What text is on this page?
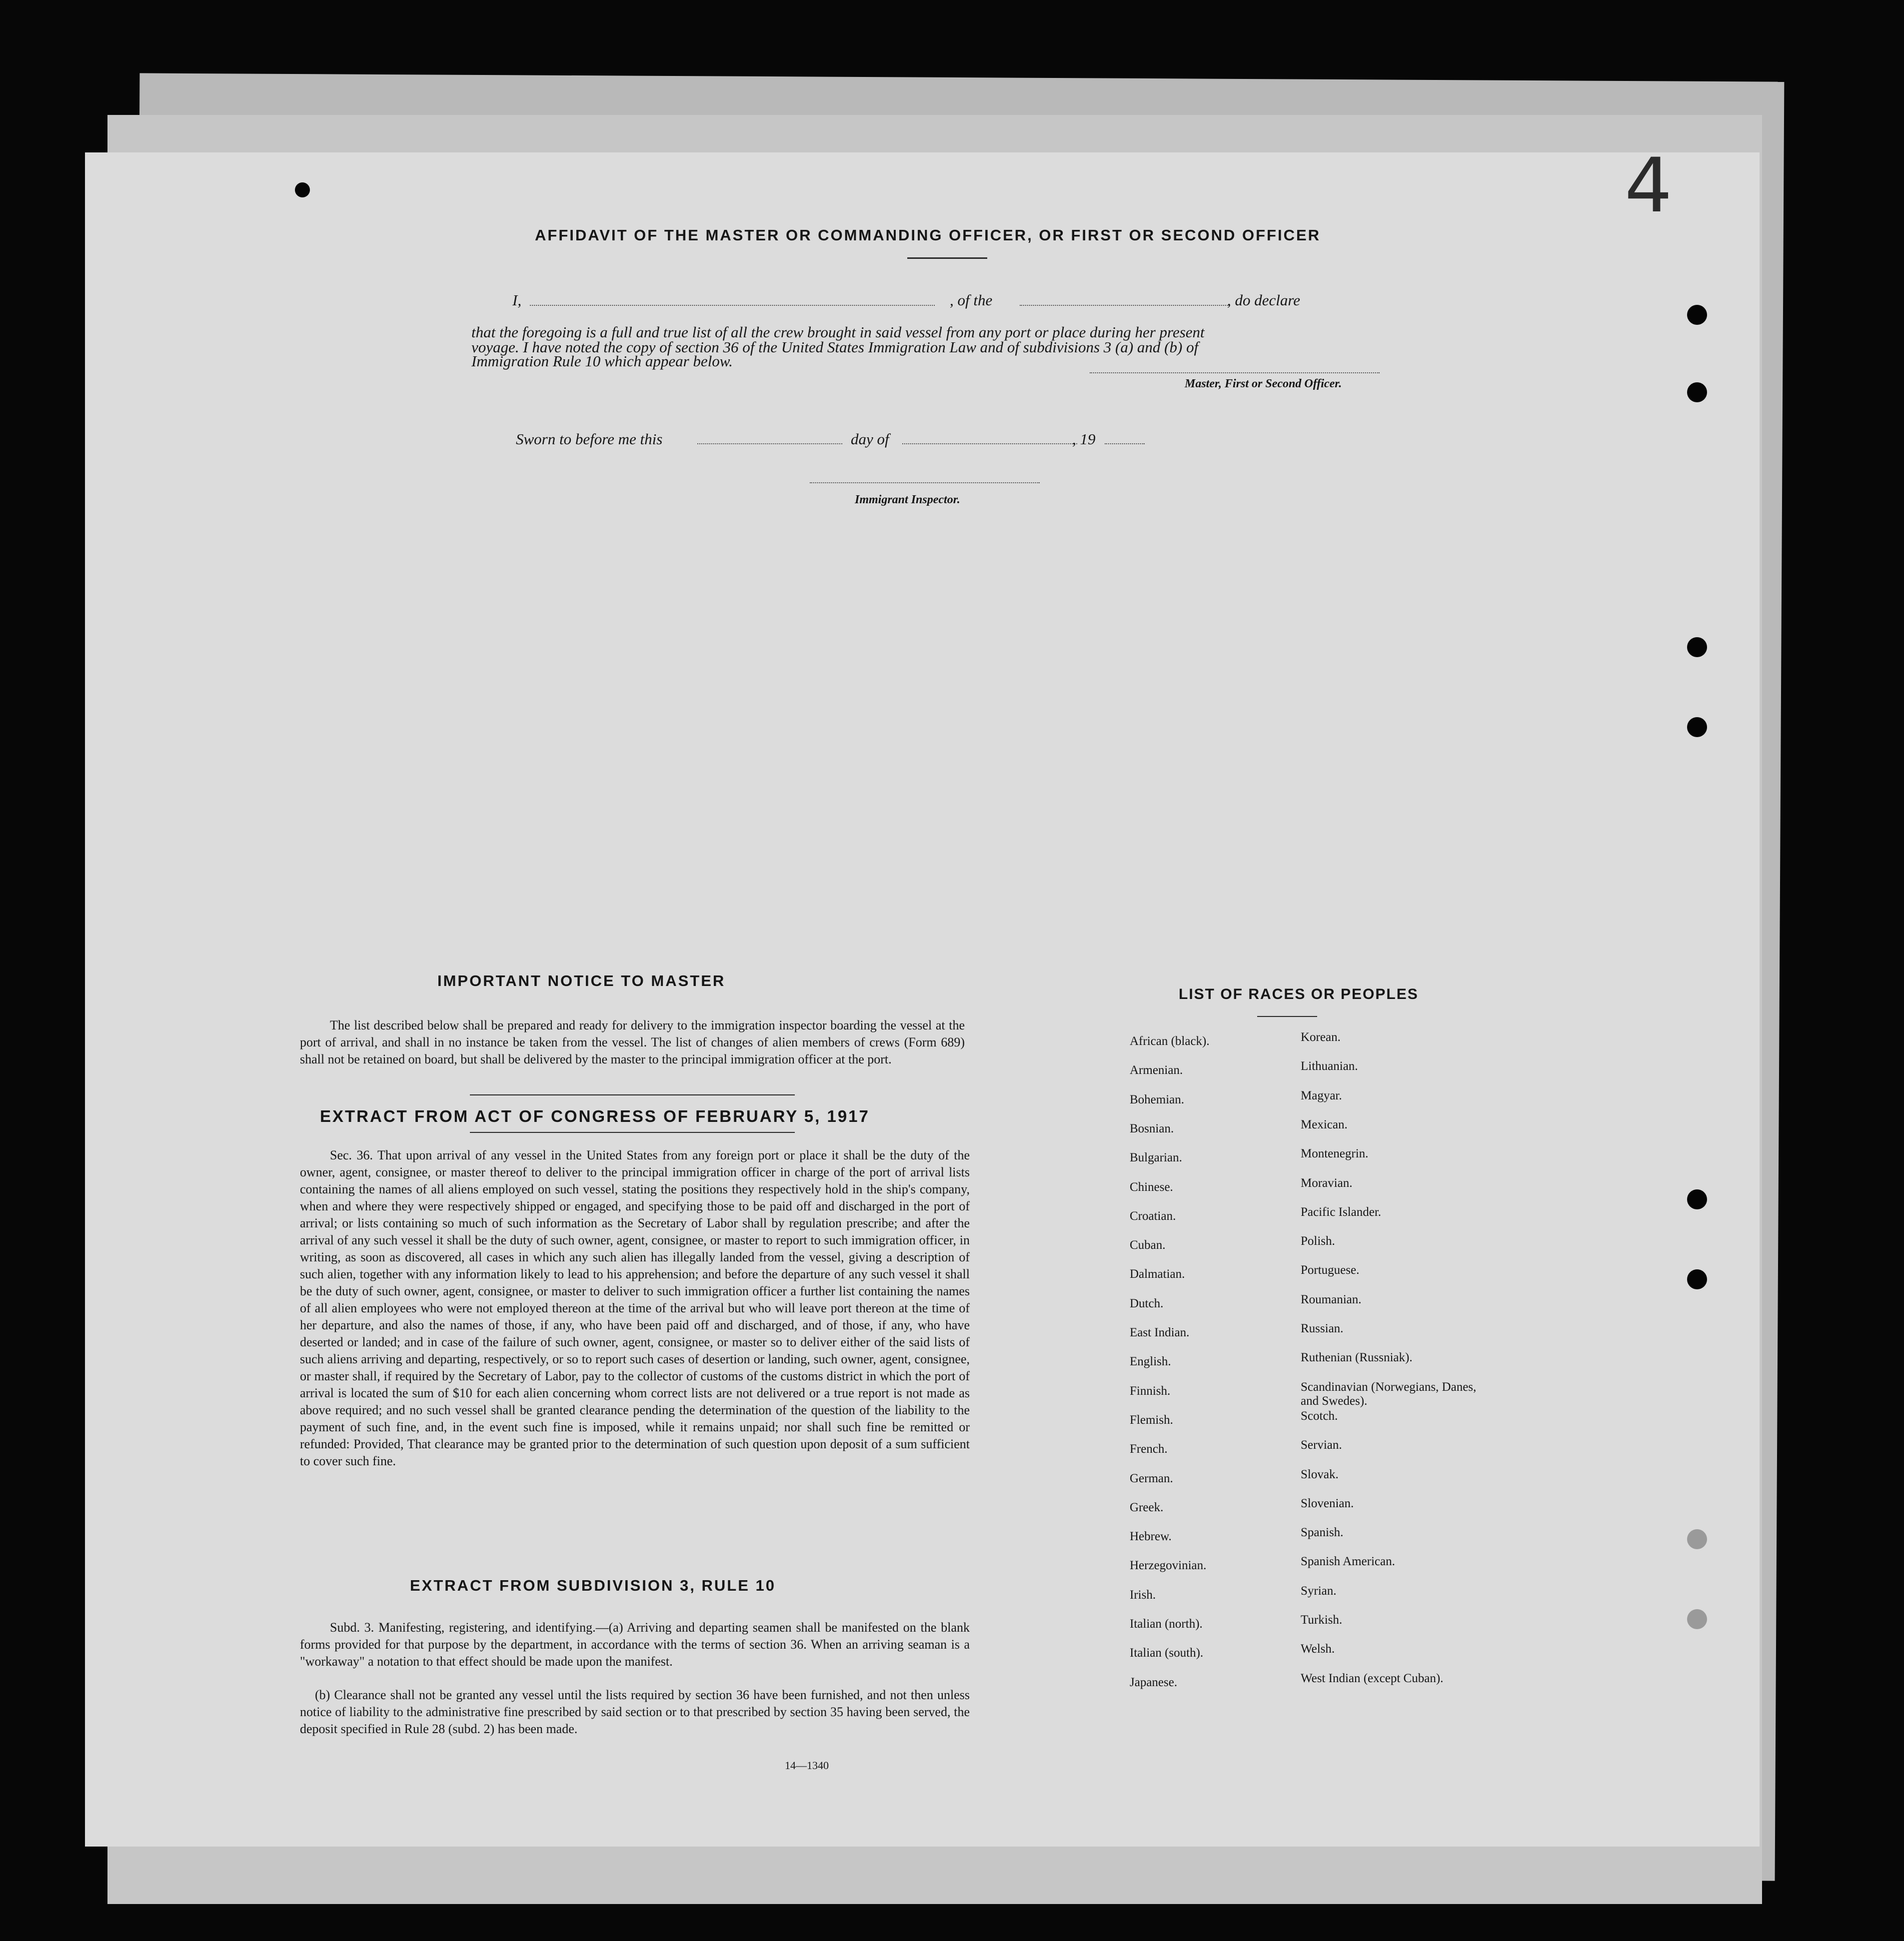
4
AFFIDAVIT OF THE MASTER OR COMMANDING OFFICER, OR FIRST OR SECOND OFFICER
I,	, of the	, do declare
that the foregoing is a full and true list of all the crew brought in said vessel from any port or place during her present
voyage. I have noted the copy of section 36 of the United States Immigration Law and of subdivisions 3 (a) and (b) of
Immigration Rule 10 which appear below.
Master, First or Second Officer.
Sworn to before me this	day of	, 19
Immigrant Inspector.
IMPORTANT NOTICE TO MASTER
The list described below shall be prepared and ready for delivery to the immigration inspector boarding the vessel at the port of arrival, and shall in no instance be taken from the vessel. The list of changes of alien members of crews (Form 689) shall not be retained on board, but shall be delivered by the master to the principal immigration officer at the port.
EXTRACT FROM ACT OF CONGRESS OF FEBRUARY 5, 1917
Sec. 36. That upon arrival of any vessel in the United States from any foreign port or place it shall be the duty of the owner, agent, consignee, or master thereof to deliver to the principal immigration officer in charge of the port of arrival lists containing the names of all aliens employed on such vessel, stating the positions they respectively hold in the ship's company, when and where they were respectively shipped or engaged, and specifying those to be paid off and discharged in the port of arrival; or lists containing so much of such information as the Secretary of Labor shall by regulation prescribe; and after the arrival of any such vessel it shall be the duty of such owner, agent, consignee, or master to report to such immigration officer, in writing, as soon as discovered, all cases in which any such alien has illegally landed from the vessel, giving a description of such alien, together with any information likely to lead to his apprehension; and before the departure of any such vessel it shall be the duty of such owner, agent, consignee, or master to deliver to such immigration officer a further list containing the names of all alien employees who were not employed thereon at the time of the arrival but who will leave port thereon at the time of her departure, and also the names of those, if any, who have been paid off and discharged, and of those, if any, who have deserted or landed; and in case of the failure of such owner, agent, consignee, or master so to deliver either of the said lists of such aliens arriving and departing, respectively, or so to report such cases of desertion or landing, such owner, agent, consignee, or master shall, if required by the Secretary of Labor, pay to the collector of customs of the customs district in which the port of arrival is located the sum of $10 for each alien concerning whom correct lists are not delivered or a true report is not made as above required; and no such vessel shall be granted clearance pending the determination of the question of the liability to the payment of such fine, and, in the event such fine is imposed, while it remains unpaid; nor shall such fine be remitted or refunded: Provided, That clearance may be granted prior to the determination of such question upon deposit of a sum sufficient to cover such fine.
EXTRACT FROM SUBDIVISION 3, RULE 10
Subd. 3. Manifesting, registering, and identifying.—(a) Arriving and departing seamen shall be manifested on the blank forms provided for that purpose by the department, in accordance with the terms of section 36. When an arriving seaman is a "workaway" a notation to that effect should be made upon the manifest.
(b) Clearance shall not be granted any vessel until the lists required by section 36 have been furnished, and not then unless notice of liability to the administrative fine prescribed by said section or to that prescribed by section 35 having been served, the deposit specified in Rule 28 (subd. 2) has been made.
14—1340
LIST OF RACES OR PEOPLES
African (black).
Armenian.
Bohemian.
Bosnian.
Bulgarian.
Chinese.
Croatian.
Cuban.
Dalmatian.
Dutch.
East Indian.
English.
Finnish.
Flemish.
French.
German.
Greek.
Hebrew.
Herzegovinian.
Irish.
Italian (north).
Italian (south).
Japanese.
Korean.
Lithuanian.
Magyar.
Mexican.
Montenegrin.
Moravian.
Pacific Islander.
Polish.
Portuguese.
Roumanian.
Russian.
Ruthenian (Russniak).
Scandinavian (Norwegians, Danes, and Swedes).
Scotch.
Servian.
Slovak.
Slovenian.
Spanish.
Spanish American.
Syrian.
Turkish.
Welsh.
West Indian (except Cuban).
